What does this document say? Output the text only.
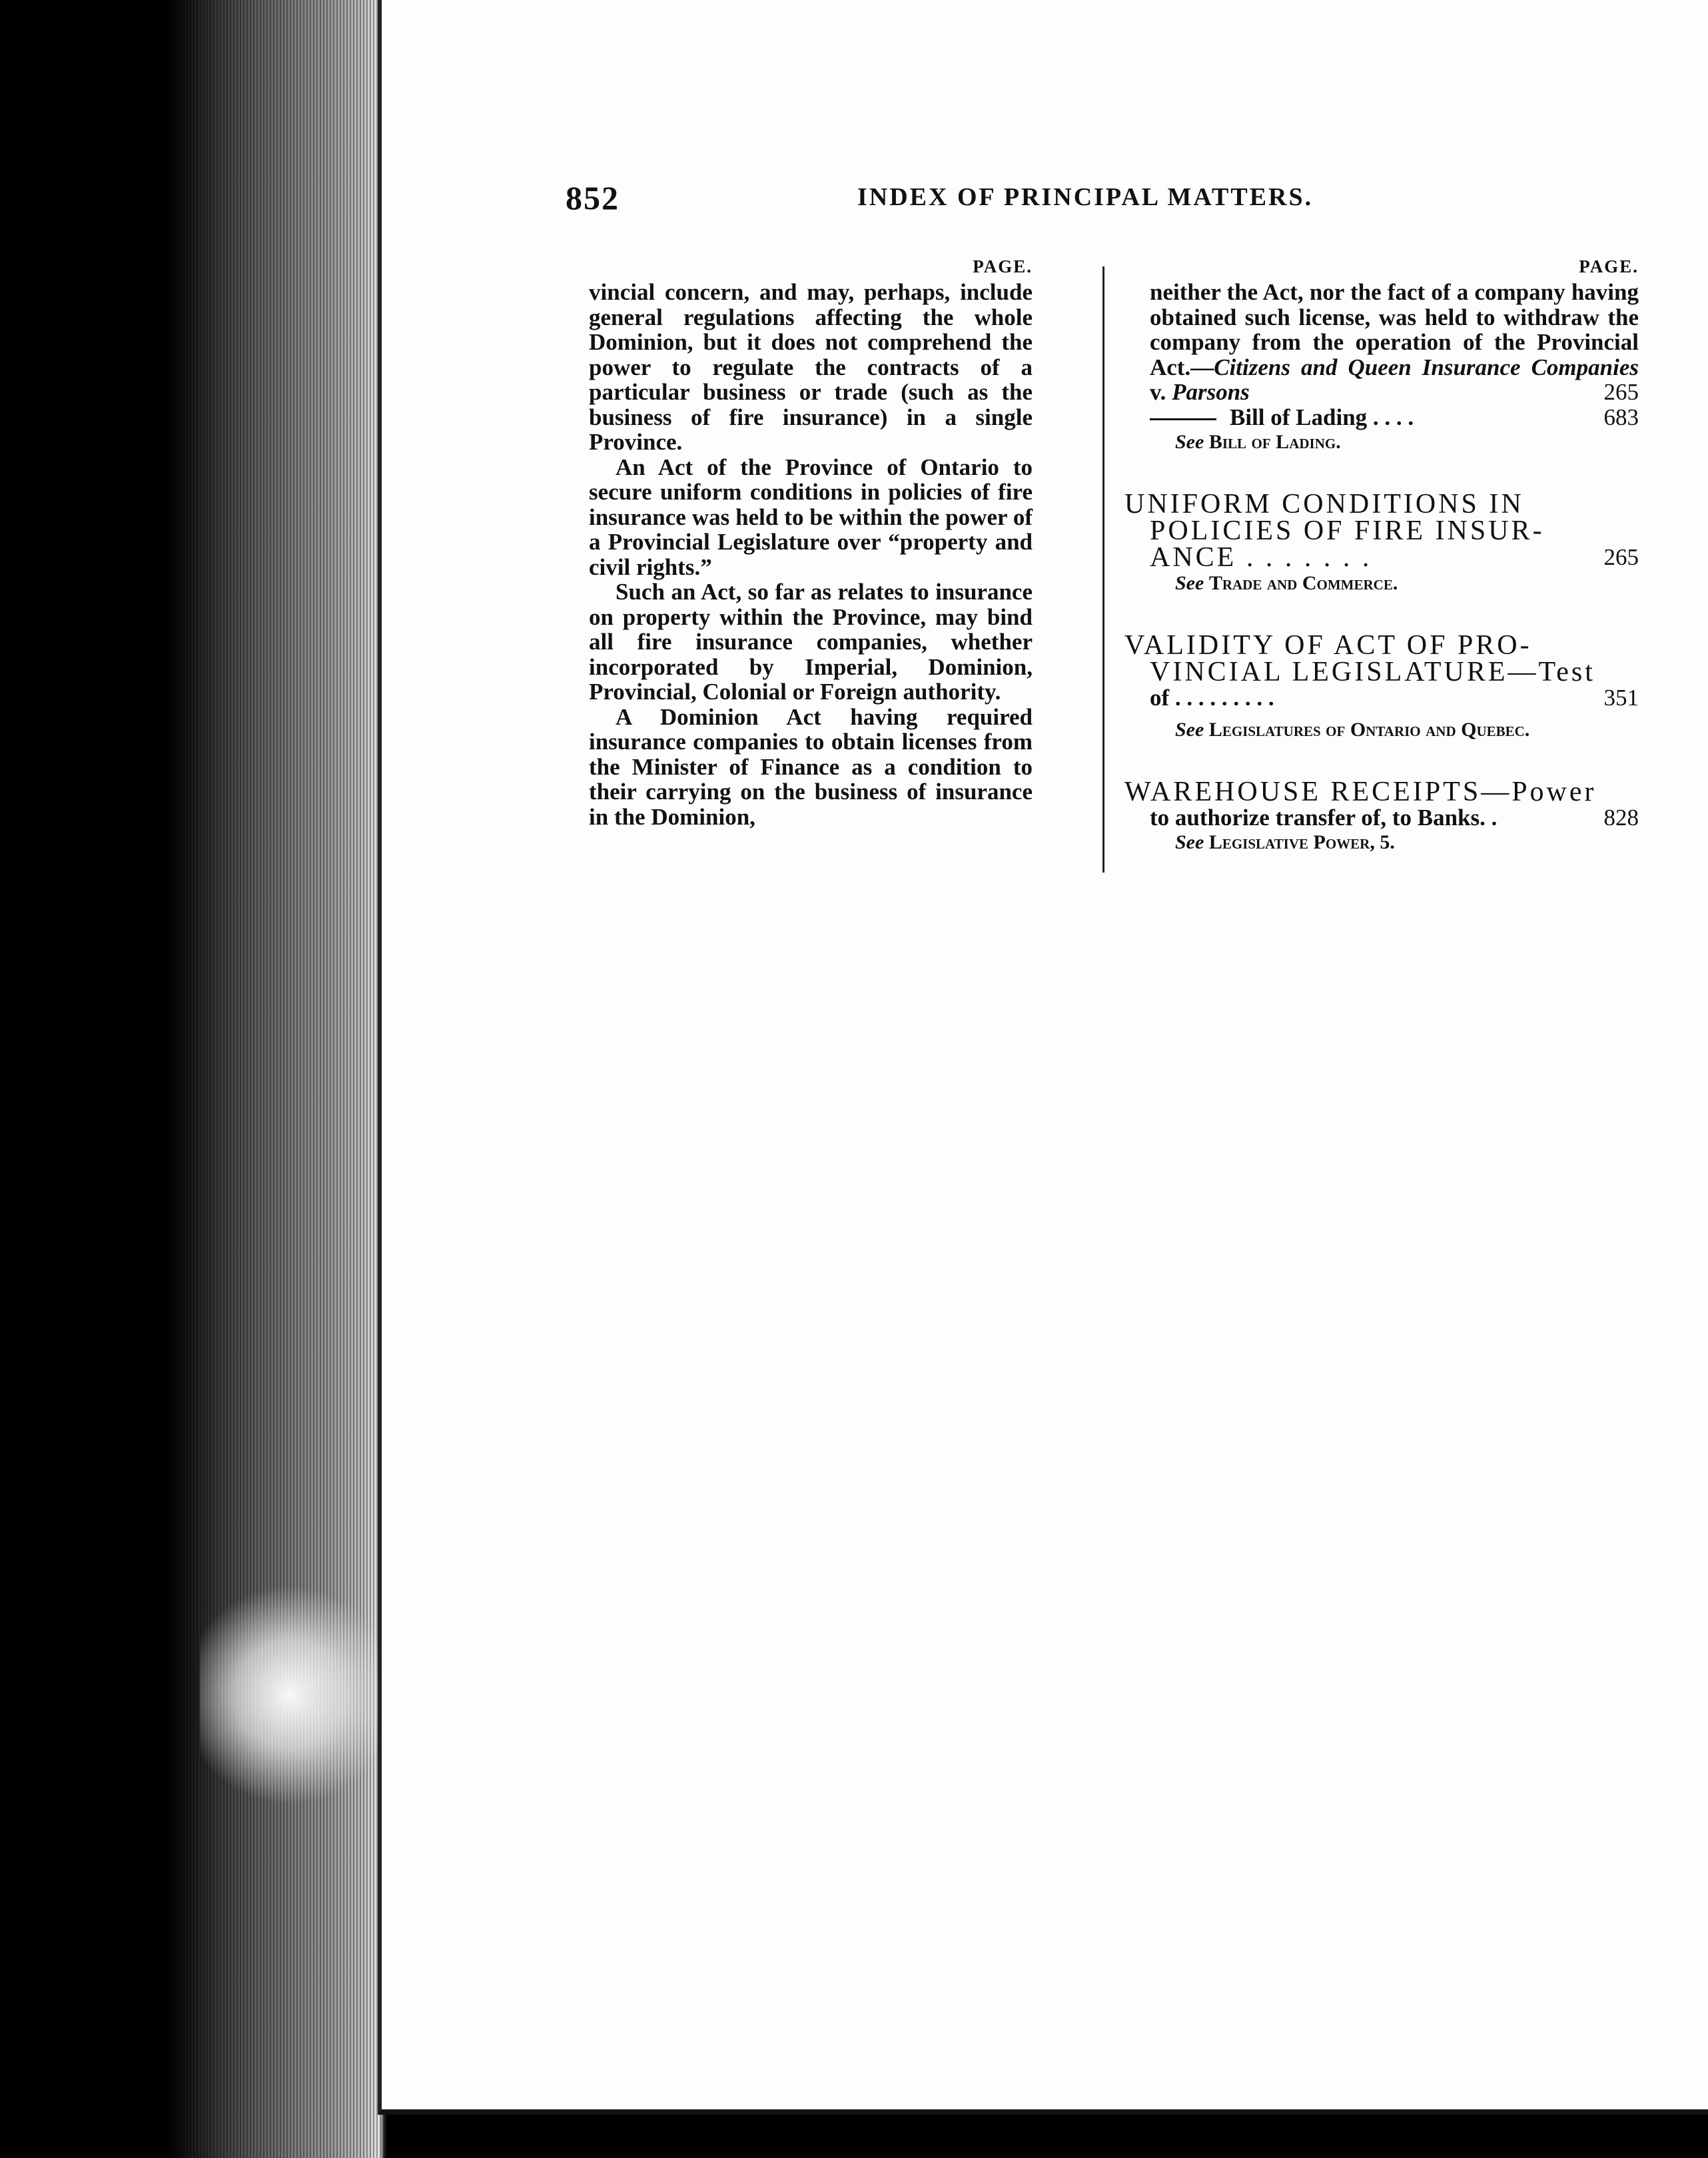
852	INDEX OF PRINCIPAL MATTERS.
PAGE.

vincial concern, and may, perhaps, include general regulations affecting the whole Dominion, but it does not comprehend the power to regulate the contracts of a particular business or trade (such as the business of fire insurance) in a single Province.

An Act of the Province of Ontario to secure uniform conditions in policies of fire insurance was held to be within the power of a Provincial Legislature over “property and civil rights.”

Such an Act, so far as relates to insurance on property within the Province, may bind all fire insurance companies, whether incorporated by Imperial, Dominion, Provincial, Colonial or Foreign authority.

A Dominion Act having required insurance companies to obtain licenses from the Minister of Finance as a condition to their carrying on the business of insurance in the Dominion,

PAGE.

neither the Act, nor the fact of a company having obtained such license, was held to withdraw the company from the operation of the Provincial Act.—Citizens and Queen Insurance Companies v. Parsons	265

Bill of Lading . . . .	683
See Bill of Lading.
UNIFORM CONDITIONS IN
POLICIES OF FIRE INSUR-
ANCE . . . . . . .	265
See Trade and Commerce.
VALIDITY OF ACT OF PRO-
VINCIAL LEGISLATURE—Test
of . . . . . . . . .	351
See Legislatures of Ontario and Quebec.
WAREHOUSE RECEIPTS—Power
to authorize transfer of, to Banks. .	828
See Legislative Power, 5.
